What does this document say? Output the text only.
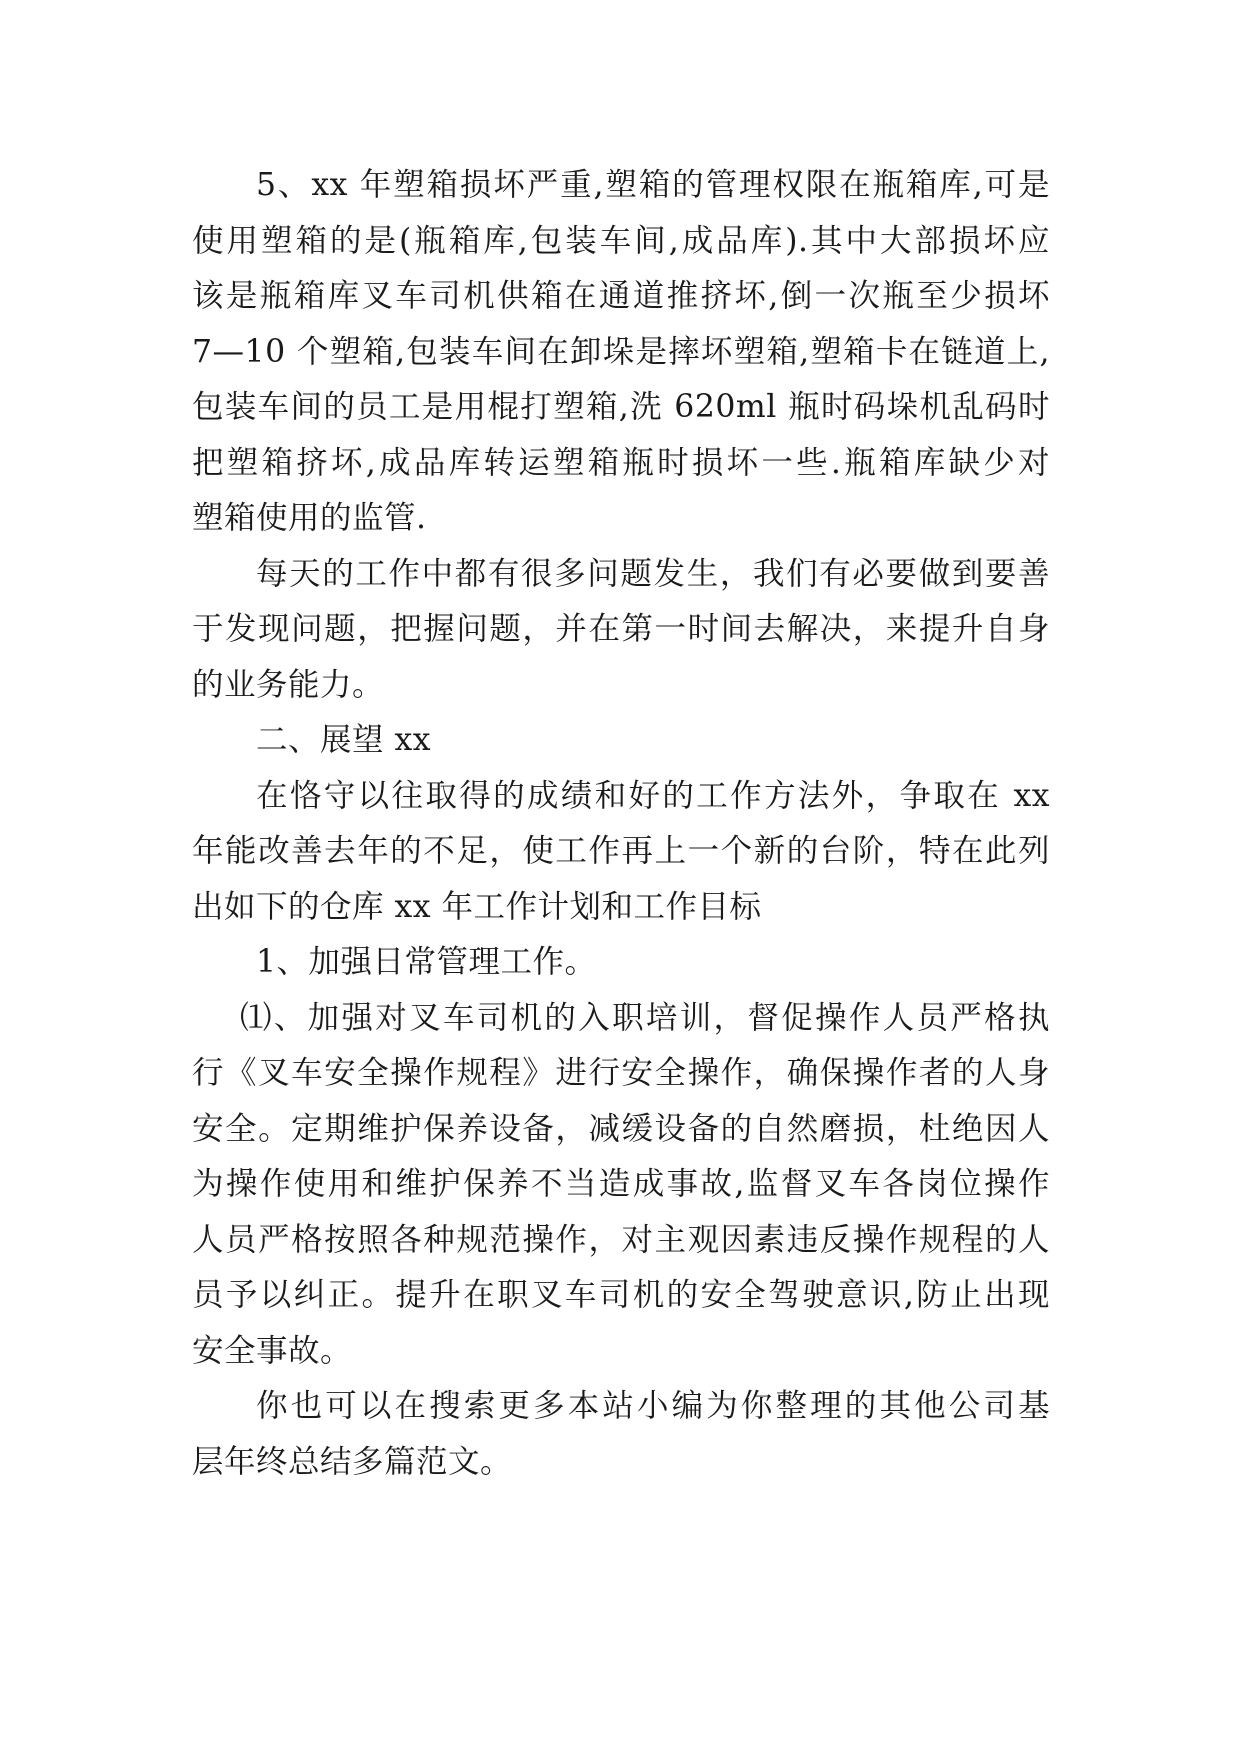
5、xx 年塑箱损坏严重,塑箱的管理权限在瓶箱库,可是
使用塑箱的是(瓶箱库,包装车间,成品库).其中大部损坏应
该是瓶箱库叉车司机供箱在通道推挤坏,倒一次瓶至少损坏
7—10 个塑箱,包装车间在卸垛是摔坏塑箱,塑箱卡在链道上,
包装车间的员工是用棍打塑箱,洗 620ml 瓶时码垛机乱码时
把塑箱挤坏,成品库转运塑箱瓶时损坏一些.瓶箱库缺少对
塑箱使用的监管.
每天的工作中都有很多问题发生，我们有必要做到要善
于发现问题，把握问题，并在第一时间去解决，来提升自身
的业务能力。
二、展望 xx
在恪守以往取得的成绩和好的工作方法外，争取在 xx
年能改善去年的不足，使工作再上一个新的台阶，特在此列
出如下的仓库 xx 年工作计划和工作目标
1、加强日常管理工作。
⑴、加强对叉车司机的入职培训，督促操作人员严格执
行《叉车安全操作规程》进行安全操作，确保操作者的人身
安全。定期维护保养设备，减缓设备的自然磨损，杜绝因人
为操作使用和维护保养不当造成事故,监督叉车各岗位操作
人员严格按照各种规范操作，对主观因素违反操作规程的人
员予以纠正。提升在职叉车司机的安全驾驶意识,防止出现
安全事故。
你也可以在搜索更多本站小编为你整理的其他公司基
层年终总结多篇范文。
